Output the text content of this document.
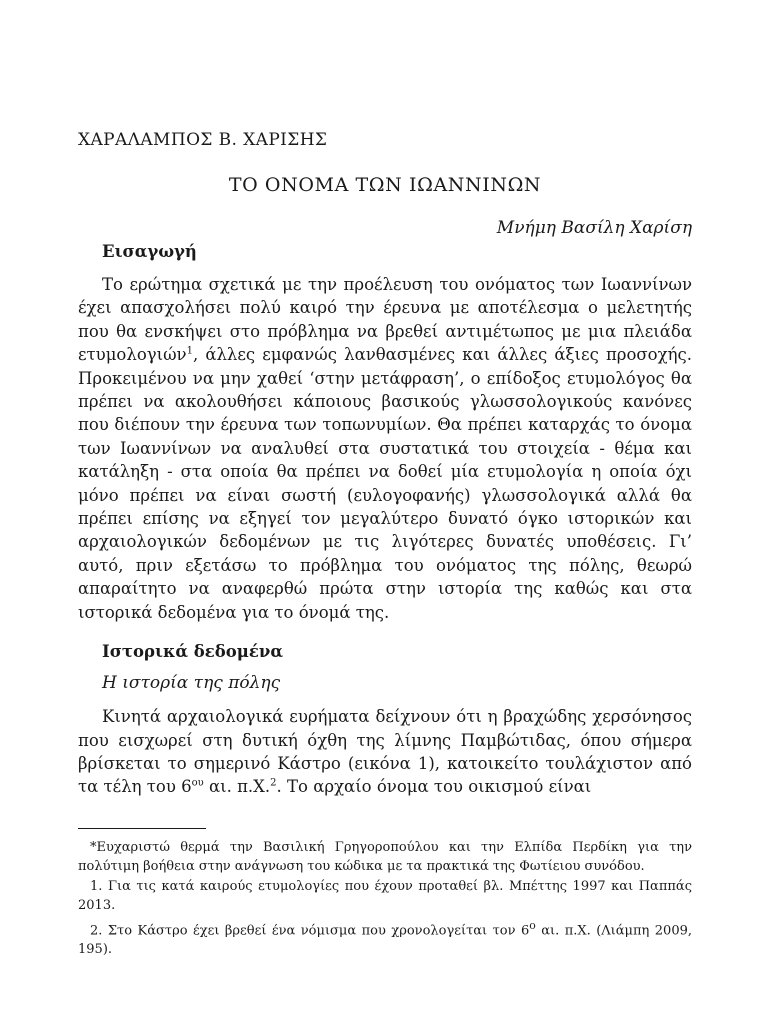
ΧΑΡΑΛΑΜΠΟΣ Β. ΧΑΡΙΣΗΣ
ΤΟ ΟΝΟΜΑ ΤΩΝ ΙΩΑΝΝΙΝΩΝ
Μνήμη Βασίλη Χαρίση
Εισαγωγή

Το ερώτημα σχετικά με την προέλευση του ονόματος των Ιωαννίνων έχει απασχολήσει πολύ καιρό την έρευνα με αποτέλεσμα ο μελετητής που θα ενσκήψει στο πρόβλημα να βρεθεί αντιμέτωπος με μια πλειάδα ετυμολογιών$^1$, άλλες εμφανώς λανθασμένες και άλλες άξιες προσοχής. Προκειμένου να μην χαθεί ‘στην μετάφραση’, ο επίδοξος ετυμολόγος θα πρέπει να ακολουθήσει κάποιους βασικούς γλωσσολογικούς κανόνες που διέπουν την έρευνα των τοπωνυμίων. Θα πρέπει καταρχάς το όνομα των Ιωαννίνων να αναλυθεί στα συστατικά του στοιχεία - θέμα και κατάληξη - στα οποία θα πρέπει να δοθεί μία ετυμολογία η οποία όχι μόνο πρέπει να είναι σωστή (ευλογοφανής) γλωσσολογικά αλλά θα πρέπει επίσης να εξηγεί τον μεγαλύτερο δυνατό όγκο ιστορικών και αρχαιολογικών δεδομένων με τις λιγότερες δυνατές υποθέσεις. Γι’ αυτό, πριν εξετάσω το πρόβλημα του ονόματος της πόλης, θεωρώ απαραίτητο να αναφερθώ πρώτα στην ιστορία της καθώς και στα ιστορικά δεδομένα για το όνομά της.

Ιστορικά δεδομένα
Η ιστορία της πόλης

Κινητά αρχαιολογικά ευρήματα δείχνουν ότι η βραχώδης χερσόνησος που εισχωρεί στη δυτική όχθη της λίμνης Παμβώτιδας, όπου σήμερα βρίσκεται το σημερινό Κάστρο (εικόνα 1), κατοικείτο τουλάχιστον από τα τέλη του $6^{o\upsilon}$ αι. π.Χ.$^2$. Το αρχαίο όνομα του οικισμού είναι

*Ευχαριστώ θερμά την Βασιλική Γρηγοροπούλου και την Ελπίδα Περδίκη για την πολύτιμη βοήθεια στην ανάγνωση του κώδικα με τα πρακτικά της Φωτίειου συνόδου.

1. Για τις κατά καιρούς ετυμολογίες που έχουν προταθεί βλ. Μπέττης 1997 και Παππάς 2013.

2. Στο Κάστρο έχει βρεθεί ένα νόμισμα που χρονολογείται τον $6^o$ αι. π.Χ. (Λιάμπη 2009, 195).
